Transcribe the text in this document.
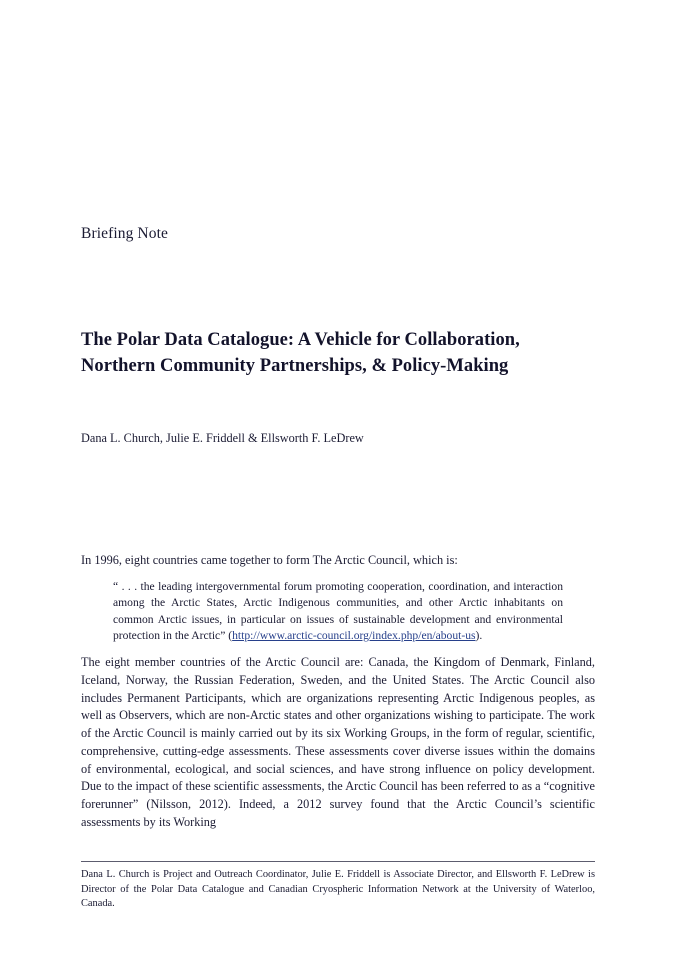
Briefing Note
The Polar Data Catalogue: A Vehicle for Collaboration, Northern Community Partnerships, & Policy-Making

Dana L. Church, Julie E. Friddell & Ellsworth F. LeDrew

In 1996, eight countries came together to form The Arctic Council, which is:

“ . . . the leading intergovernmental forum promoting cooperation, coordination, and interaction among the Arctic States, Arctic Indigenous communities, and other Arctic inhabitants on common Arctic issues, in particular on issues of sustainable development and environmental protection in the Arctic” (http://www.arctic-council.org/index.php/en/about-us).

The eight member countries of the Arctic Council are: Canada, the Kingdom of Denmark, Finland, Iceland, Norway, the Russian Federation, Sweden, and the United States. The Arctic Council also includes Permanent Participants, which are organizations representing Arctic Indigenous peoples, as well as Observers, which are non-Arctic states and other organizations wishing to participate. The work of the Arctic Council is mainly carried out by its six Working Groups, in the form of regular, scientific, comprehensive, cutting-edge assessments. These assessments cover diverse issues within the domains of environmental, ecological, and social sciences, and have strong influence on policy development. Due to the impact of these scientific assessments, the Arctic Council has been referred to as a “cognitive forerunner” (Nilsson, 2012). Indeed, a 2012 survey found that the Arctic Council’s scientific assessments by its Working

Dana L. Church is Project and Outreach Coordinator, Julie E. Friddell is Associate Director, and Ellsworth F. LeDrew is Director of the Polar Data Catalogue and Canadian Cryospheric Information Network at the University of Waterloo, Canada.
